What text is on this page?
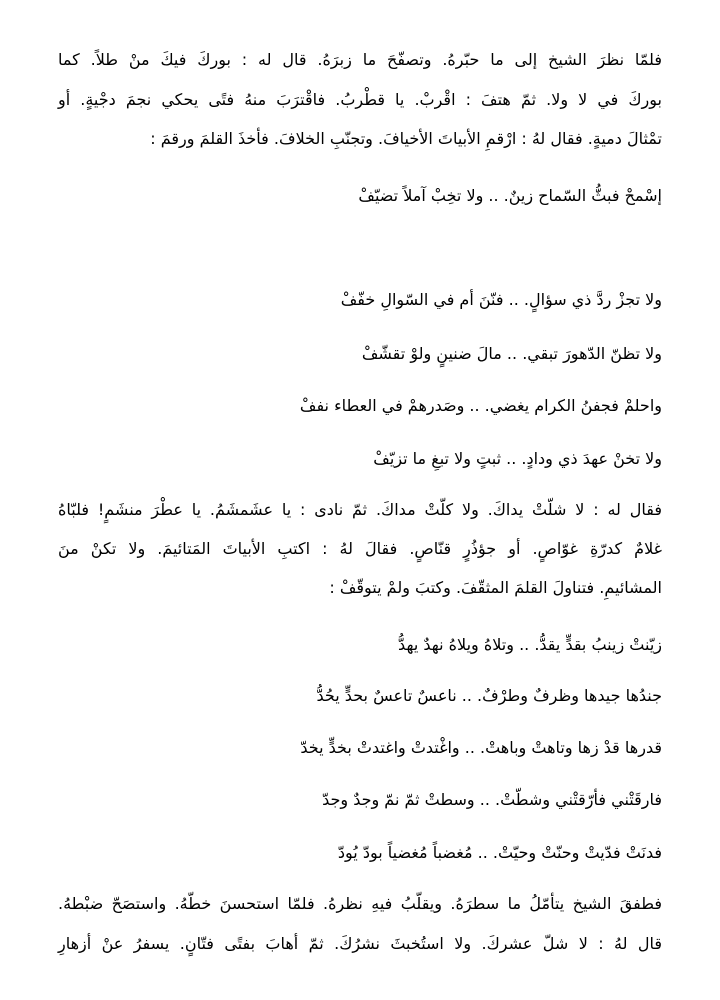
فلمّا نظرَ الشيخ إلى ما حبّرهُ. وتصفّحَ ما زبرَهُ. قال له : بوركَ فيكَ منْ طلاً. كما
بوركَ في لا ولا. ثمّ هتفَ : اقْربْ. يا قطْربُ. فاقْترَبَ منهُ فتًى يحكي نجمَ دجْيةٍ. أو
تمْثالَ دميةٍ. فقال لهُ : ارْقمِ الأبياتَ الأخيافَ. وتجنّبِ الخلافَ. فأخذَ القلمَ ورقمَ :
إسْمحْ فبثُّ السّماح زينٌ. .. ولا تخِبْ آملاً تضيّفْ
ولا تجزْ ردَّ ذي سؤالٍ. .. فنّنَ أم في السّوالِ خفّفْ
ولا تظنّ الدّهورَ تبقي. .. مالَ ضنينٍ ولوْ تقشّفْ
واحلمْ فجفنُ الكرام يغضي. .. وصَدرهمْ في العطاء نففْ
ولا تخنْ عهدَ ذي ودادٍ. .. ثبتٍ ولا تبغِ ما تزيّفْ
فقال له : لا شلّتْ يداكَ. ولا كلّتْ مداكَ. ثمّ نادى : يا عشَمشَمُ. يا عطْرَ منشَمٍ! فلبّاهُ
غلامٌ كدرّةِ غوّاصٍ. أو جؤذُرٍ قنّاصٍ. فقالَ لهُ : اكتبِ الأبياتَ المَتائيمَ. ولا تكنْ منَ
المشائيمِ. فتناولَ القلمَ المثقّفَ. وكتبَ ولمْ يتوقّفْ :
زيّنتْ زينبُ بقدٍّ يقدُّ. .. وتلاهُ ويلاهُ نهدٌ يهدُّ
جندُها جيدها وظرفٌ وطرْفٌ. .. ناعسٌ تاعسٌ بحدٍّ يحُدُّ
قدرها قدْ زها وتاهتْ وباهتْ. .. واغْتدتْ واغتدتْ بخدٍّ يخدّ
فارقَتْني فأرّقتْني وشطّتْ. .. وسطتْ ثمّ نمّ وجدٌ وجدّ
فدنَتْ فدّيتْ وحنّتْ وحيّتْ. .. مُغضباً مُغضياً بودّ يُودّ
فطفقَ الشيخ يتأمّلُ ما سطرَهُ. ويقلّبُ فيهِ نظرهُ. فلمّا استحسنَ خطّهُ. واستصَحّ ضبْطهُ.
قال لهُ : لا شلّ عشركَ. ولا استُخبثَ نشرُكَ. ثمّ أهابَ بفتًى فتّانٍ. يسفرُ عنْ أزهارِ
